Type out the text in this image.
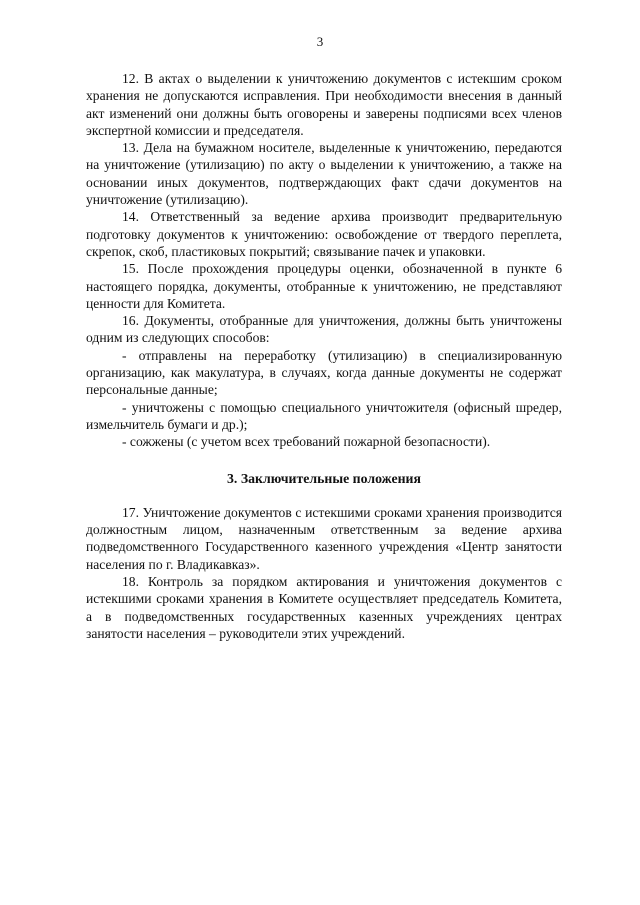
3

12. В актах о выделении к уничтожению документов с истекшим сроком хранения не допускаются исправления. При необходимости внесения в данный акт изменений они должны быть оговорены и заверены подписями всех членов экспертной комиссии и председателя.

13. Дела на бумажном носителе, выделенные к уничтожению, передаются на уничтожение (утилизацию) по акту о выделении к уничтожению, а также на основании иных документов, подтверждающих факт сдачи документов на уничтожение (утилизацию).

14. Ответственный за ведение архива производит предварительную подготовку документов к уничтожению: освобождение от твердого переплета, скрепок, скоб, пластиковых покрытий; связывание пачек и упаковки.

15. После прохождения процедуры оценки, обозначенной в пункте 6 настоящего порядка, документы, отобранные к уничтожению, не представляют ценности для Комитета.

16. Документы, отобранные для уничтожения, должны быть уничтожены одним из следующих способов:

- отправлены на переработку (утилизацию) в специализированную организацию, как макулатура, в случаях, когда данные документы не содержат персональные данные;

- уничтожены с помощью специального уничтожителя (офисный шредер, измельчитель бумаги и др.);

- сожжены (с учетом всех требований пожарной безопасности).

3. Заключительные положения

17. Уничтожение документов с истекшими сроками хранения производится должностным лицом, назначенным ответственным за ведение архива подведомственного Государственного казенного учреждения «Центр занятости населения по г. Владикавказ».

18. Контроль за порядком актирования и уничтожения документов с истекшими сроками хранения в Комитете осуществляет председатель Комитета, а в подведомственных государственных казенных учреждениях центрах занятости населения – руководители этих учреждений.
